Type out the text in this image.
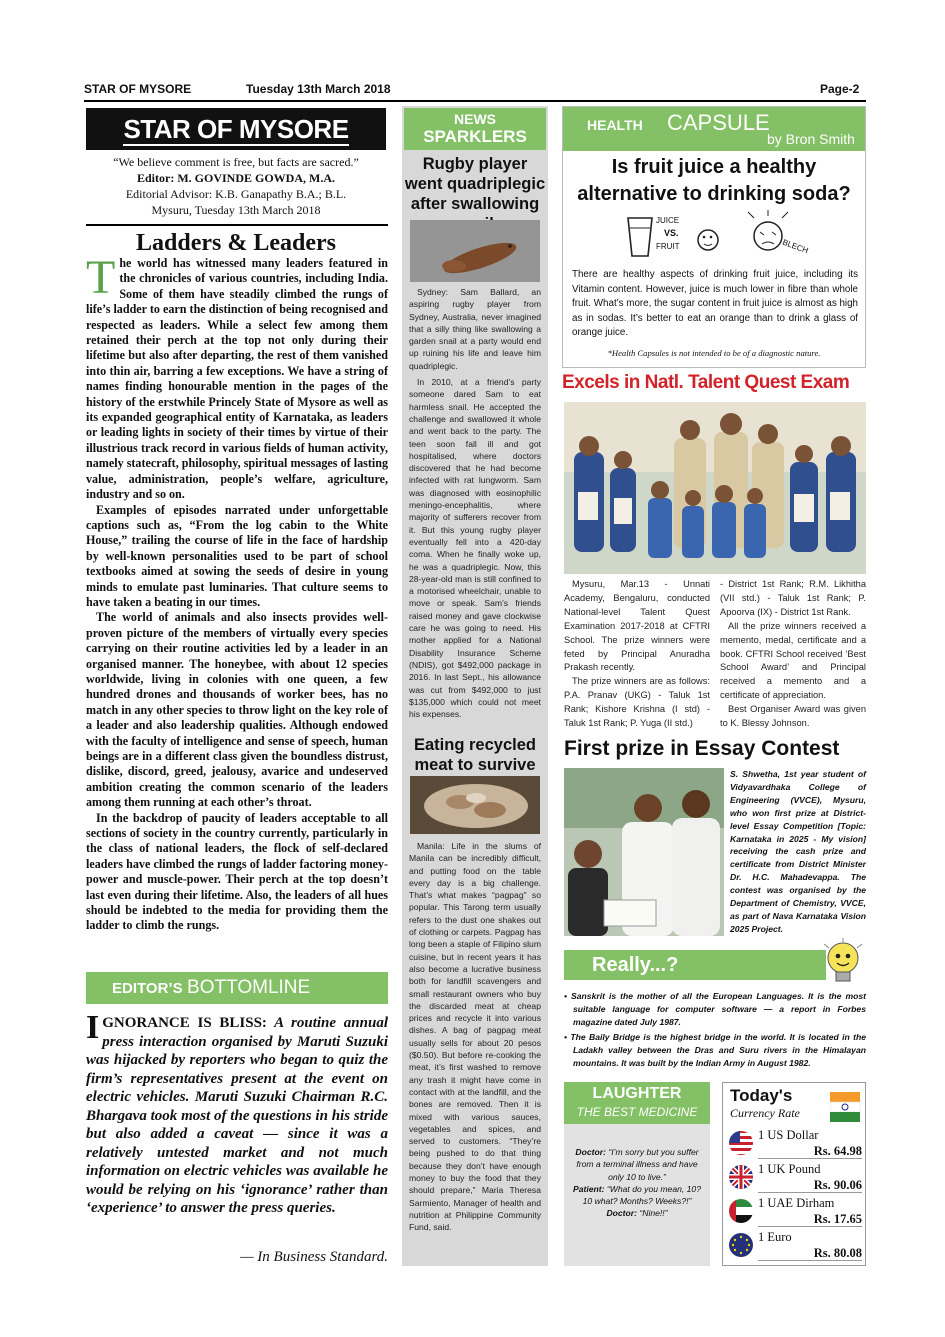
STAR OF MYSORE	Tuesday 13th March 2018	Page-2
STAR OF MYSORE
“We believe comment is free, but facts are sacred.”
Editor: M. GOVINDE GOWDA, M.A.
Editorial Advisor: K.B. Ganapathy B.A.; B.L.
Mysuru, Tuesday 13th March 2018
Ladders & Leaders

The world has witnessed many leaders featured in the chronicles of various countries, including India. Some of them have steadily climbed the rungs of life’s ladder to earn the distinction of being recognised and respected as leaders. While a select few among them retained their perch at the top not only during their lifetime but also after departing, the rest of them vanished into thin air, barring a few exceptions. We have a string of names finding honourable mention in the pages of the history of the erstwhile Princely State of Mysore as well as its expanded geographical entity of Karnataka, as leaders or leading lights in society of their times by virtue of their illustrious track record in various fields of human activity, namely statecraft, philosophy, spiritual messages of lasting value, administration, people’s welfare, agriculture, industry and so on.

Examples of episodes narrated under unforgettable captions such as, “From the log cabin to the White House,” trailing the course of life in the face of hardship by well-known personalities used to be part of school textbooks aimed at sowing the seeds of desire in young minds to emulate past luminaries. That culture seems to have taken a beating in our times.

The world of animals and also insects provides well-proven picture of the members of virtually every species carrying on their routine activities led by a leader in an organised manner. The honeybee, with about 12 species worldwide, living in colonies with one queen, a few hundred drones and thousands of worker bees, has no match in any other species to throw light on the key role of a leader and also leadership qualities. Although endowed with the faculty of intelligence and sense of speech, human beings are in a different class given the boundless distrust, dislike, discord, greed, jealousy, avarice and undeserved ambition creating the common scenario of the leaders among them running at each other’s throat.

In the backdrop of paucity of leaders acceptable to all sections of society in the country currently, particularly in the class of national leaders, the flock of self-declared leaders have climbed the rungs of ladder factoring money-power and muscle-power. Their perch at the top doesn’t last even during their lifetime. Also, the leaders of all hues should be indebted to the media for providing them the ladder to climb the rungs.

EDITOR’S BOTTOMLINE
IGNORANCE IS BLISS: A routine annual press interaction organised by Maruti Suzuki was hijacked by reporters who began to quiz the firm’s representatives present at the event on electric vehicles. Maruti Suzuki Chairman R.C. Bhargava took most of the questions in his stride but also added a caveat — since it was a relatively untested market and not much information on electric vehicles was available he would be relying on his ‘ignorance’ rather than ‘experience’ to answer the press queries.
— In Business Standard.
NEWS
SPARKLERS
Rugby player went quadriplegic after swallowing

Sydney: Sam Ballard, an aspiring rugby player from Sydney, Australia, never imagined that a silly thing like swallowing a garden snail at a party would end up ruining his life and leave him quadriplegic.

In 2010, at a friend’s party someone dared Sam to eat harmless snail. He accepted the challenge and swallowed it whole and went back to the party. The teen soon fall ill and got hospitalised, where doctors discovered that he had become infected with rat lungworm. Sam was diagnosed with eosinophilic meningo-encephalitis, where majority of sufferers recover from it. But this young rugby player eventually fell into a 420-day coma. When he finally woke up, he was a quadriplegic. Now, this 28-year-old man is still confined to a motorised wheelchair, unable to move or speak. Sam’s friends raised money and gave clockwise care he was going to need. His mother applied for a National Disability Insurance Scheme (NDIS), got $492,000 package in 2016. In last Sept., his allowance was cut from $492,000 to just $135,000 which could not meet his expenses.

Eating recycled meat to survive

Manila: Life in the slums of Manila can be incredibly difficult, and putting food on the table every day is a big challenge. That’s what makes “pagpag” so popular. This Tarong term usually refers to the dust one shakes out of clothing or carpets. Pagpag has long been a staple of Filipino slum cuisine, but in recent years it has also become a lucrative business both for landfill scavengers and small restaurant owners who buy the discarded meat at cheap prices and recycle it into various dishes. A bag of pagpag meat usually sells for about 20 pesos ($0.50). But before re-cooking the meat, it’s first washed to remove any trash it might have come in contact with at the landfill, and the bones are removed. Then it is mixed with various sauces, vegetables and spices, and served to customers. “They’re being pushed to do that thing because they don’t have enough money to buy the food that they should prepare,” Maria Theresa Sarmiento, Manager of health and nutrition at Philippine Community Fund, said.

HEALTH CAPSULE
by Bron Smith
Is fruit juice a healthy alternative to drinking soda?
JUICE
VS.
FRUIT	BLECH
There are healthy aspects of drinking fruit juice, including its Vitamin content. However, juice is much lower in fibre than whole fruit. What’s more, the sugar content in fruit juice is almost as high as in sodas. It’s better to eat an orange than to drink a glass of orange juice.
*Health Capsules is not intended to be of a diagnostic nature.
Excels in Natl. Talent Quest Exam

Mysuru, Mar.13 - Unnati Academy, Bengaluru, conducted National-level Talent Quest Examination 2017-2018 at CFTRI School. The prize winners were feted by Principal Anuradha Prakash recently.

The prize winners are as follows: P.A. Pranav (UKG) - Taluk 1st Rank; Kishore Krishna (I std) - Taluk 1st Rank; P. Yuga (II std.)

- District 1st Rank; R.M. Likhitha (VII std.) - Taluk 1st Rank; P. Apoorva (IX) - District 1st Rank.

All the prize winners received a memento, medal, certificate and a book. CFTRI School received ‘Best School Award’ and Principal received a memento and a certificate of appreciation.

Best Organiser Award was given to K. Blessy Johnson.

First prize in Essay Contest
S. Shwetha, 1st year student of Vidyavardhaka College of Engineering (VVCE), Mysuru, who won first prize at District-level Essay Competition [Topic: Karnataka in 2025 - My vision] receiving the cash prize and certificate from District Minister Dr. H.C. Mahadevappa. The contest was organised by the Department of Chemistry, VVCE, as part of Nava Karnataka Vision 2025 Project.
Really...?
• Sanskrit is the mother of all the European Languages. It is the most suitable language for computer software — a report in Forbes magazine dated July 1987.
• The Baily Bridge is the highest bridge in the world. It is located in the Ladakh valley between the Dras and Suru rivers in the Himalayan mountains. It was built by the Indian Army in August 1982.
LAUGHTER
THE BEST MEDICINE
Doctor: “I’m sorry but you suffer from a terminal illness and have only 10 to live.”
Patient: “What do you mean, 10? 10 what? Months? Weeks?!”
Doctor: “Nine!!”
Today's
Currency Rate
1 US Dollar
Rs. 64.98
1 UK Pound
Rs. 90.06
1 UAE Dirham
Rs. 17.65
1 Euro
Rs. 80.08
